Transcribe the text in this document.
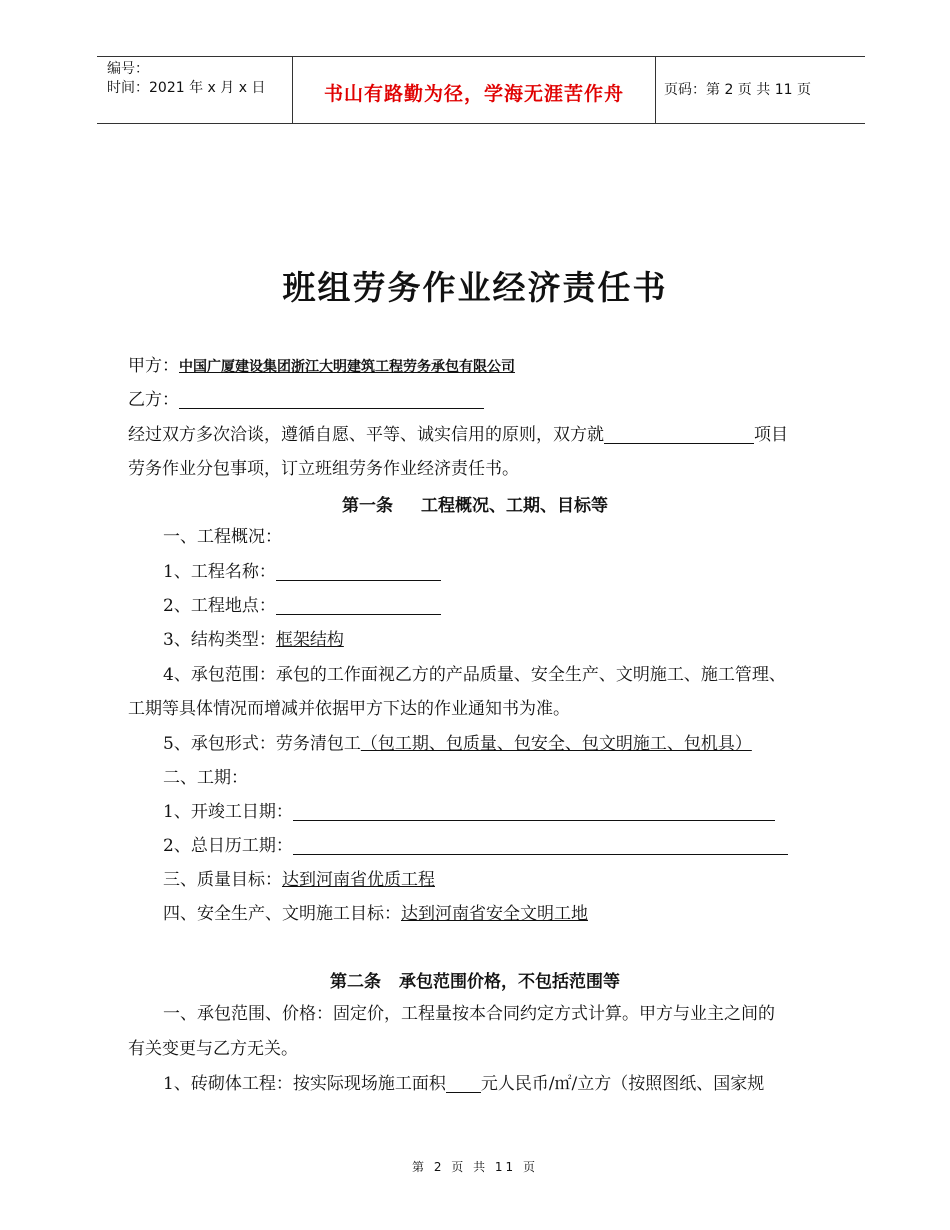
编号：
时间：2021 年 x 月 x 日	书山有路勤为径，学海无涯苦作舟	页码：第 2 页 共 11 页
班组劳务作业经济责任书
甲方：中国广厦建设集团浙江大明建筑工程劳务承包有限公司
乙方：
经过双方多次洽谈，遵循自愿、平等、诚实信用的原则，双方就	项目
劳务作业分包事项，订立班组劳务作业经济责任书。
第一条 工程概况、工期、目标等
一、工程概况：
1、工程名称：
2、工程地点：
3、结构类型：框架结构
4、承包范围：承包的工作面视乙方的产品质量、安全生产、文明施工、施工管理、
工期等具体情况而增减并依据甲方下达的作业通知书为准。
5、承包形式：劳务清包工（包工期、包质量、包安全、包文明施工、包机具）
二、工期：
1、开竣工日期：
2、总日历工期：
三、质量目标：达到河南省优质工程
四、安全生产、文明施工目标：达到河南省安全文明工地
第二条 承包范围价格，不包括范围等
一、承包范围、价格：固定价，工程量按本合同约定方式计算。甲方与业主之间的
有关变更与乙方无关。
1、砖砌体工程：按实际现场施工面积 元人民币/㎡/立方（按照图纸、国家规
第 2 页 共 11 页
